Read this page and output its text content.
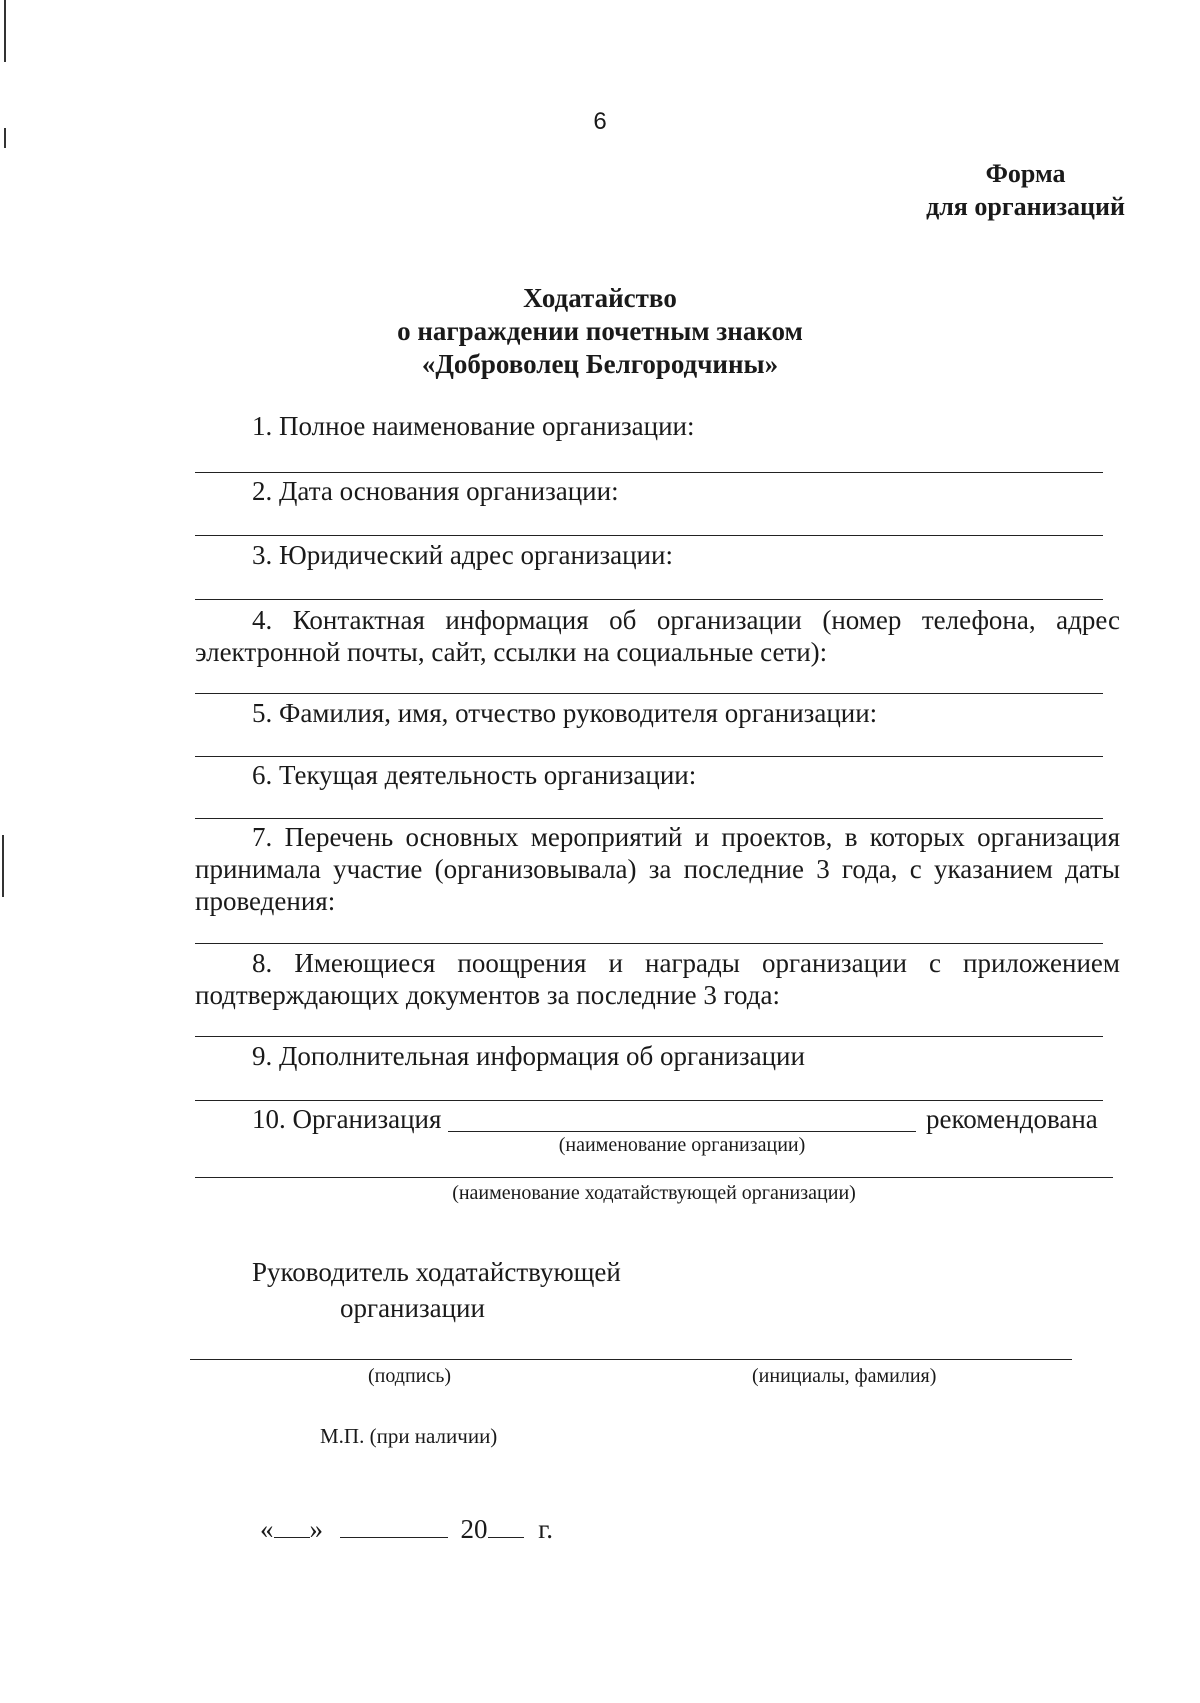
6
Форма
для организаций
Ходатайство
о награждении почетным знаком
«Доброволец Белгородчины»
1. Полное наименование организации:
2. Дата основания организации:
3. Юридический адрес организации:
4. Контактная информация об организации (номер телефона, адрес электронной почты, сайт, ссылки на социальные сети):
5. Фамилия, имя, отчество руководителя организации:
6. Текущая деятельность организации:
7. Перечень основных мероприятий и проектов, в которых организация принимала участие (организовывала) за последние 3 года, с указанием даты проведения:
8. Имеющиеся поощрения и награды организации с приложением подтверждающих документов за последние 3 года:
9. Дополнительная информация об организации
10. Организация	рекомендована
(наименование организации)
(наименование ходатайствующей организации)
Руководитель ходатайствующей
организации
(подпись)	(инициалы, фамилия)
М.П. (при наличии)
« »	20 г.
